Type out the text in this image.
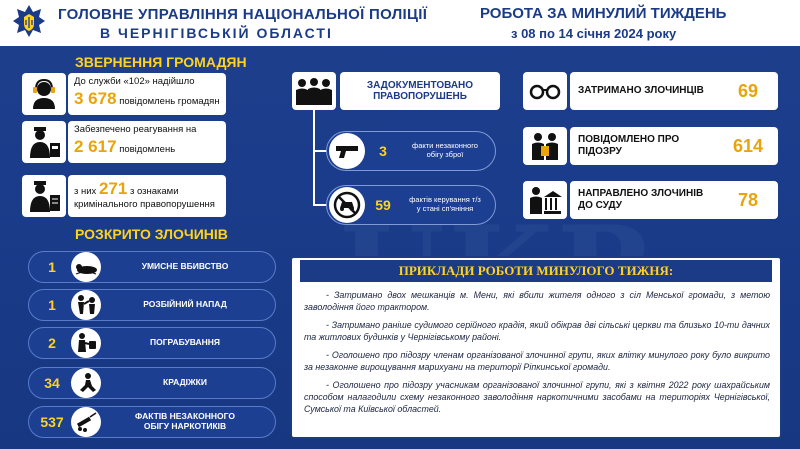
ГОЛОВНЕ УПРАВЛІННЯ НАЦІОНАЛЬНОЇ ПОЛІЦІЇ
В ЧЕРНІГІВСЬКІЙ ОБЛАСТІ
РОБОТА ЗА МИНУЛИЙ ТИЖДЕНЬ
з 08 по 14 січня 2024 року
ЗВЕРНЕННЯ ГРОМАДЯН
До служби «102» надійшло
3 678 повідомлень громадян
Забезпечено реагування на
2 617 повідомлень
з них 271 з ознаками
кримінального правопорушення
РОЗКРИТО ЗЛОЧИНІВ
1	УМИСНЕ ВБИВСТВО
1	РОЗБІЙНИЙ НАПАД
2	ПОГРАБУВАННЯ
34	КРАДІЖКИ
537	ФАКТІВ НЕЗАКОННОГО
ОБІГУ НАРКОТИКІВ
ЗАДОКУМЕНТОВАНО
ПРАВОПОРУШЕНЬ
3	факти незаконного
обігу зброї
59	фактів керування т/з
у стані сп'яніння
ЗАТРИМАНО ЗЛОЧИНЦІВ	69
ПОВІДОМЛЕНО ПРО
ПІДОЗРУ	614
НАПРАВЛЕНО ЗЛОЧИНІВ
ДО СУДУ	78
ПРИКЛАДИ РОБОТИ МИНУЛОГО ТИЖНЯ:

- Затримано двох мешканців м. Мени, які вбили жителя одного з сіл Менської громади, з метою заволодіння його трактором.

- Затримано раніше судимого серійного крадія, який обікрав дві сільські церкви та близько 10-ти дачних та житлових будинків у Чернігівському районі.

- Оголошено про підозру членам організованої злочинної групи, яких влітку минулого року було викрито за незаконне вирощування марихуани на території Ріпкинської громади.

- Оголошено про підозру учасникам організованої злочинної групи, які з квітня 2022 року шахрайським способом налагодили схему незаконного заволодіння наркотичними засобами на територіях Чернігівської, Сумської та Київської областей.
